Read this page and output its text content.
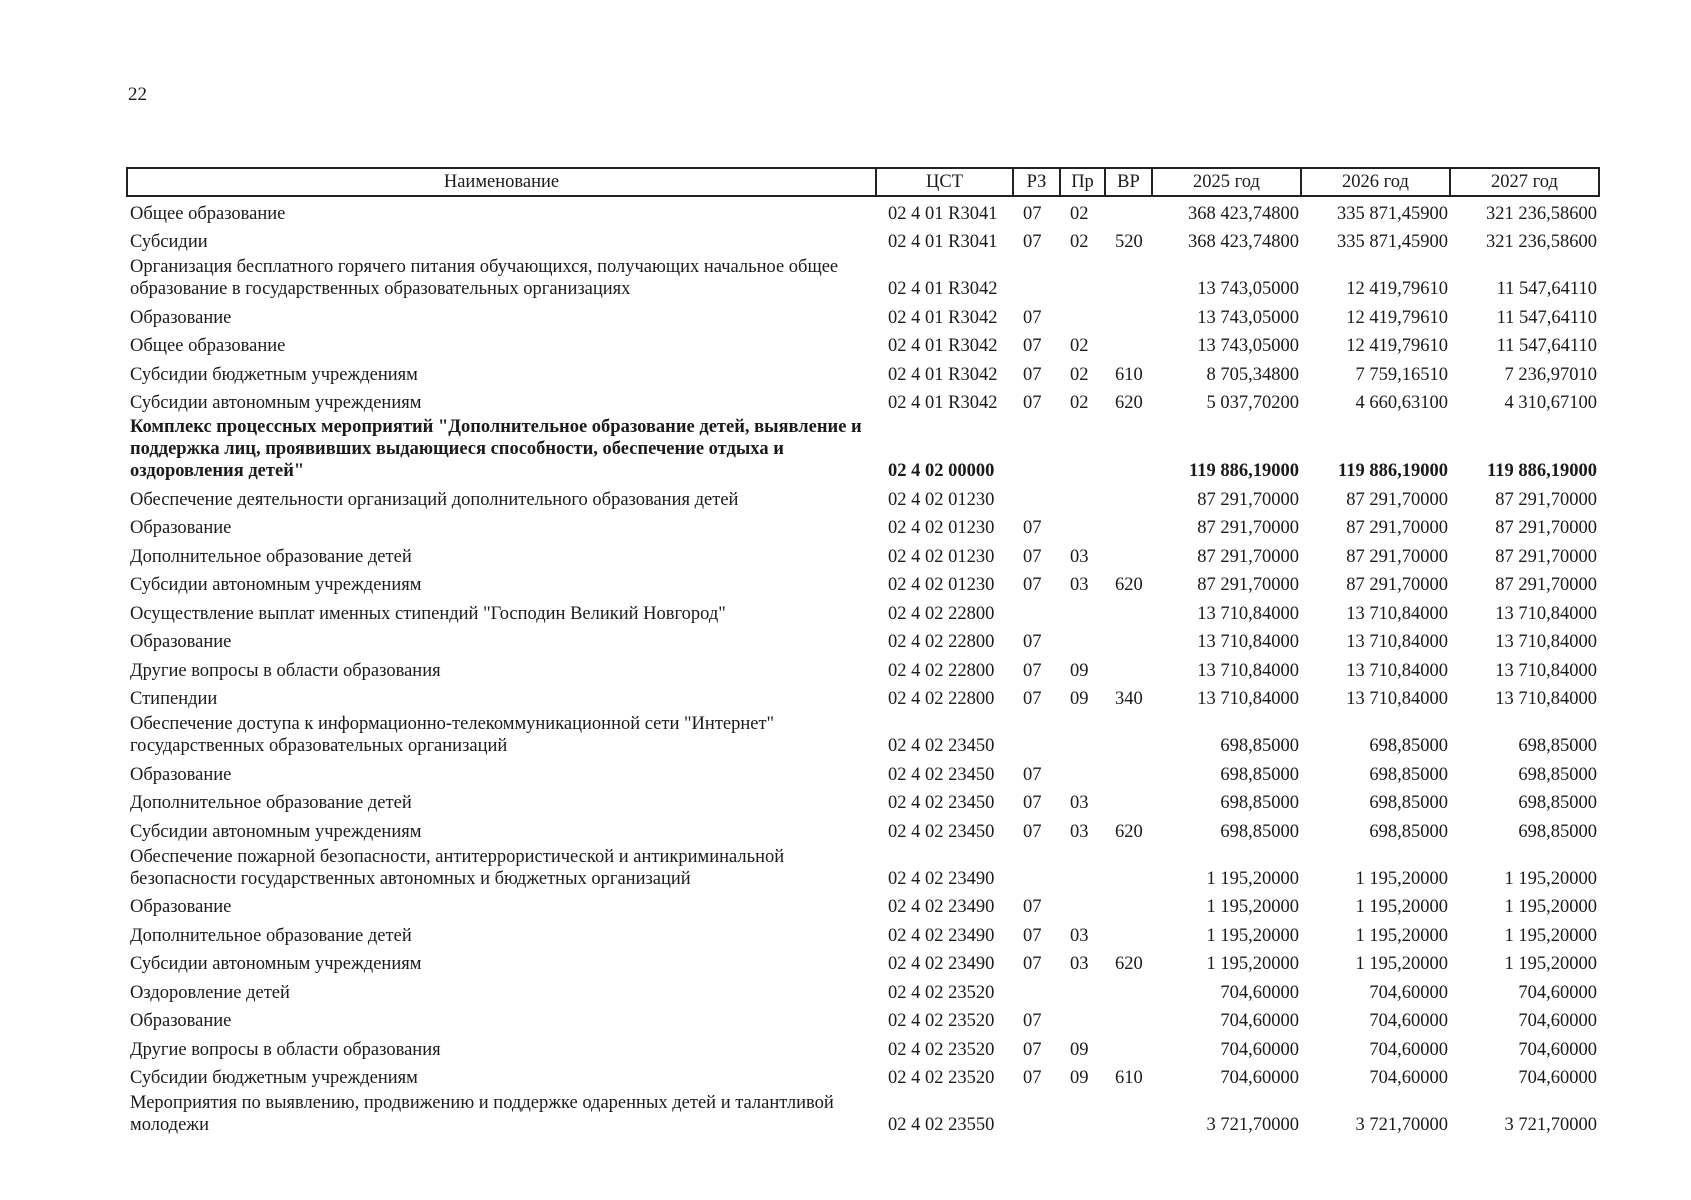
22
Наименование	ЦСТ	РЗ	Пр	ВР	2025 год	2026 год	2027 год
Общее образование	02 4 01 R3041	07	02		368 423,74800	335 871,45900	321 236,58600
Субсидии	02 4 01 R3041	07	02	520	368 423,74800	335 871,45900	321 236,58600
Организация бесплатного горячего питания обучающихся, получающих начальное общее образование в государственных образовательных организациях	02 4 01 R3042				13 743,05000	12 419,79610	11 547,64110
Образование	02 4 01 R3042	07			13 743,05000	12 419,79610	11 547,64110
Общее образование	02 4 01 R3042	07	02		13 743,05000	12 419,79610	11 547,64110
Субсидии бюджетным учреждениям	02 4 01 R3042	07	02	610	8 705,34800	7 759,16510	7 236,97010
Субсидии автономным учреждениям	02 4 01 R3042	07	02	620	5 037,70200	4 660,63100	4 310,67100
Комплекс процессных мероприятий "Дополнительное образование детей, выявление и поддержка лиц, проявивших выдающиеся способности, обеспечение отдыха и оздоровления детей"	02 4 02 00000				119 886,19000	119 886,19000	119 886,19000
Обеспечение деятельности организаций дополнительного образования детей	02 4 02 01230				87 291,70000	87 291,70000	87 291,70000
Образование	02 4 02 01230	07			87 291,70000	87 291,70000	87 291,70000
Дополнительное образование детей	02 4 02 01230	07	03		87 291,70000	87 291,70000	87 291,70000
Субсидии автономным учреждениям	02 4 02 01230	07	03	620	87 291,70000	87 291,70000	87 291,70000
Осуществление выплат именных стипендий "Господин Великий Новгород"	02 4 02 22800				13 710,84000	13 710,84000	13 710,84000
Образование	02 4 02 22800	07			13 710,84000	13 710,84000	13 710,84000
Другие вопросы в области образования	02 4 02 22800	07	09		13 710,84000	13 710,84000	13 710,84000
Стипендии	02 4 02 22800	07	09	340	13 710,84000	13 710,84000	13 710,84000
Обеспечение доступа к информационно-телекоммуникационной сети "Интернет" государственных образовательных организаций	02 4 02 23450				698,85000	698,85000	698,85000
Образование	02 4 02 23450	07			698,85000	698,85000	698,85000
Дополнительное образование детей	02 4 02 23450	07	03		698,85000	698,85000	698,85000
Субсидии автономным учреждениям	02 4 02 23450	07	03	620	698,85000	698,85000	698,85000
Обеспечение пожарной безопасности, антитеррористической и антикриминальной безопасности государственных автономных и бюджетных организаций	02 4 02 23490				1 195,20000	1 195,20000	1 195,20000
Образование	02 4 02 23490	07			1 195,20000	1 195,20000	1 195,20000
Дополнительное образование детей	02 4 02 23490	07	03		1 195,20000	1 195,20000	1 195,20000
Субсидии автономным учреждениям	02 4 02 23490	07	03	620	1 195,20000	1 195,20000	1 195,20000
Оздоровление детей	02 4 02 23520				704,60000	704,60000	704,60000
Образование	02 4 02 23520	07			704,60000	704,60000	704,60000
Другие вопросы в области образования	02 4 02 23520	07	09		704,60000	704,60000	704,60000
Субсидии бюджетным учреждениям	02 4 02 23520	07	09	610	704,60000	704,60000	704,60000
Мероприятия по выявлению, продвижению и поддержке одаренных детей и талантливой молодежи	02 4 02 23550				3 721,70000	3 721,70000	3 721,70000
